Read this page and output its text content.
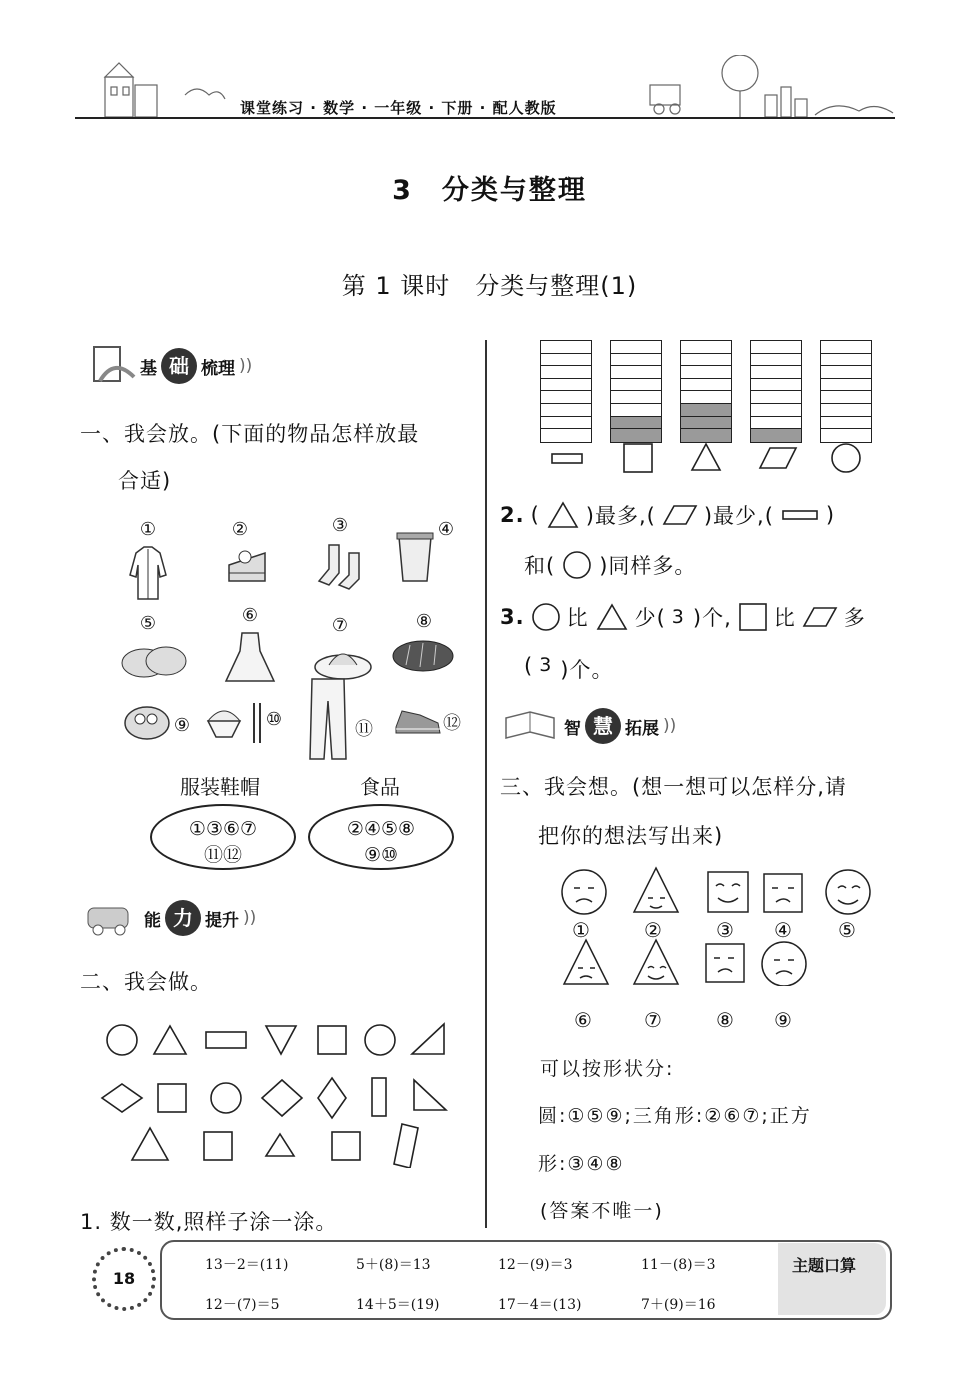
课堂练习 · 数学 · 一年级 · 下册 · 配人教版
3　分类与整理
第 1 课时　分类与整理(1)
基 础 梳理 ))
一、我会放。(下面的物品怎样放最
合适)
①	②	③	④
⑤	⑥	⑦	⑧
⑨	⑩	⑪	⑫
服装鞋帽
①③⑥⑦
⑪⑫
食品
②④⑤⑧
⑨⑩
能 力 提升 ))
二、我会做。
1. 数一数,照样子涂一涂。
2. ( )最多,( )最少,( )
和( )同样多。
3. 比 少( 3 )个, 比 多
( 3 )个。
智 慧 拓展 ))
三、我会想。(想一想可以怎样分,请
把你的想法写出来)
①	②	③ ④ ⑤
⑥	⑦	⑧ ⑨
可以按形状分:
圆:①⑤⑨;三角形:②⑥⑦;正方
形:③④⑧
(答案不唯一)
18
主题口算
13－2＝(11)	5＋(8)＝13	12－(9)＝3	11－(8)＝3
12－(7)＝5	14＋5＝(19)	17－4＝(13)	7＋(9)＝16
